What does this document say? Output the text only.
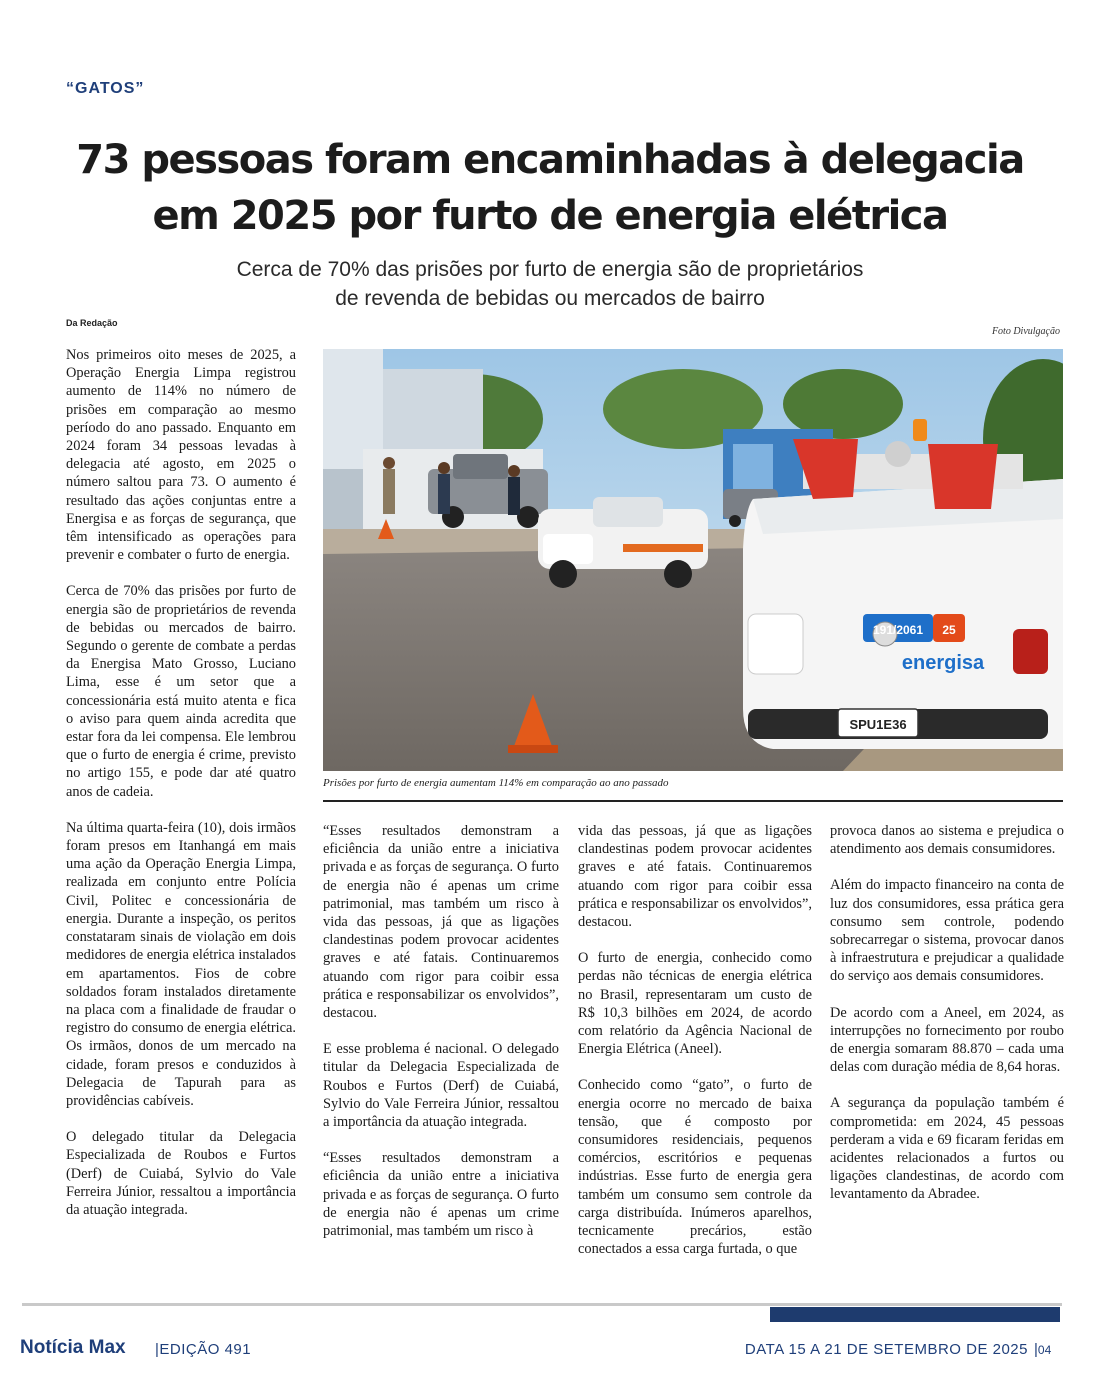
“GATOS”
73 pessoas foram encaminhadas à delegacia
em 2025 por furto de energia elétrica
Cerca de 70% das prisões por furto de energia são de proprietários
de revenda de bebidas ou mercados de bairro
Da Redação
Foto Divulgação

Nos primeiros oito meses de 2025, a Operação Energia Limpa registrou aumento de 114% no número de prisões em comparação ao mesmo período do ano passado. Enquanto em 2024 foram 34 pessoas levadas à delegacia até agosto, em 2025 o número saltou para 73. O aumento é resultado das ações conjuntas entre a Energisa e as forças de segurança, que têm intensificado as operações para prevenir e combater o furto de energia.

Cerca de 70% das prisões por furto de energia são de proprietários de revenda de bebidas ou mercados de bairro. Segundo o gerente de combate a perdas da Energisa Mato Grosso, Luciano Lima, esse é um setor que a concessionária está muito atenta e fica o aviso para quem ainda acredita que estar fora da lei compensa. Ele lembrou que o furto de energia é crime, previsto no artigo 155, e pode dar até quatro anos de cadeia.

Na última quarta-feira (10), dois irmãos foram presos em Itanhangá em mais uma ação da Operação Energia Limpa, realizada em conjunto entre Polícia Civil, Politec e concessionária de energia. Durante a inspeção, os peritos constataram sinais de violação em dois medidores de energia elétrica instalados em apartamentos. Fios de cobre soldados foram instalados diretamente na placa com a finalidade de fraudar o registro do consumo de energia elétrica. Os irmãos, donos de um mercado na cidade, foram presos e conduzidos à Delegacia de Tapurah para as providências cabíveis.

O delegado titular da Delegacia Especializada de Roubos e Furtos (Derf) de Cuiabá, Sylvio do Vale Ferreira Júnior, ressaltou a importância da atuação integrada.

SPU1E36
191/2061 25
energisa
Prisões por furto de energia aumentam 114% em comparação ao ano passado

“Esses resultados demonstram a eficiência da união entre a iniciativa privada e as forças de segurança. O furto de energia não é apenas um crime patrimonial, mas também um risco à vida das pessoas, já que as ligações clandestinas podem provocar acidentes graves e até fatais. Continuaremos atuando com rigor para coibir essa prática e responsabilizar os envolvidos”, destacou.

E esse problema é nacional. O delegado titular da Delegacia Especializada de Roubos e Furtos (Derf) de Cuiabá, Sylvio do Vale Ferreira Júnior, ressaltou a importância da atuação integrada.

“Esses resultados demonstram a eficiência da união entre a iniciativa privada e as forças de segurança. O furto de energia não é apenas um crime patrimonial, mas também um risco à

vida das pessoas, já que as ligações clandestinas podem provocar acidentes graves e até fatais. Continuaremos atuando com rigor para coibir essa prática e responsabilizar os envolvidos”, destacou.

O furto de energia, conhecido como perdas não técnicas de energia elétrica no Brasil, representaram um custo de R$ 10,3 bilhões em 2024, de acordo com relatório da Agência Nacional de Energia Elétrica (Aneel).

Conhecido como “gato”, o furto de energia ocorre no mercado de baixa tensão, que é composto por consumidores residenciais, pequenos comércios, escritórios e pequenas indústrias. Esse furto de energia gera também um consumo sem controle da carga distribuída. Inúmeros aparelhos, tecnicamente precários, estão conectados a essa carga furtada, o que

provoca danos ao sistema e prejudica o atendimento aos demais consumidores.

Além do impacto financeiro na conta de luz dos consumidores, essa prática gera consumo sem controle, podendo sobrecarregar o sistema, provocar danos à infraestrutura e prejudicar a qualidade do serviço aos demais consumidores.

De acordo com a Aneel, em 2024, as interrupções no fornecimento por roubo de energia somaram 88.870 – cada uma delas com duração média de 8,64 horas.

A segurança da população também é comprometida: em 2024, 45 pessoas perderam a vida e 69 ficaram feridas em acidentes relacionados a furtos ou ligações clandestinas, de acordo com levantamento da Abradee.

Notícia Max |EDIÇÃO 491	DATA 15 A 21 DE SETEMBRO DE 2025 |04
